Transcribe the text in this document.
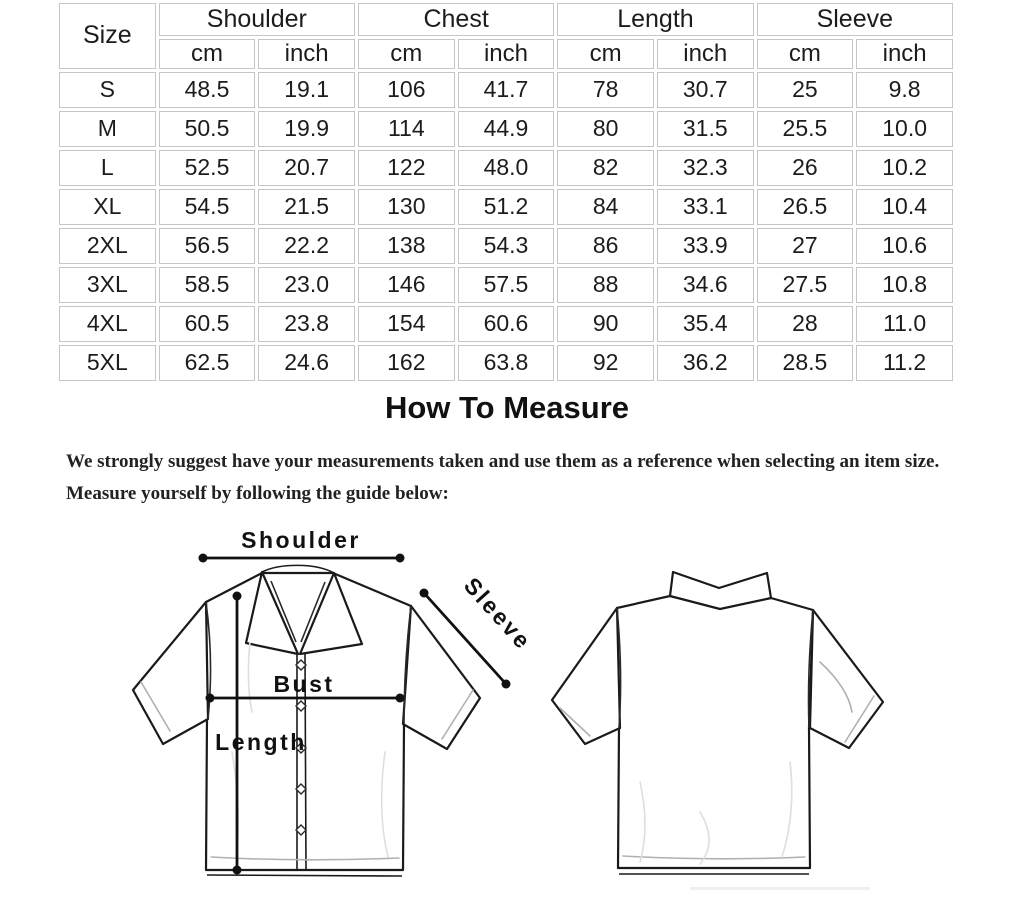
Size	Shoulder		Chest		Length		Sleeve	
	cm	inch	cm	inch	cm	inch	cm	inch
S	48.5	19.1	106	41.7	78	30.7	25	9.8
M	50.5	19.9	114	44.9	80	31.5	25.5	10.0
L	52.5	20.7	122	48.0	82	32.3	26	10.2
XL	54.5	21.5	130	51.2	84	33.1	26.5	10.4
2XL	56.5	22.2	138	54.3	86	33.9	27	10.6
3XL	58.5	23.0	146	57.5	88	34.6	27.5	10.8
4XL	60.5	23.8	154	60.6	90	35.4	28	11.0
5XL	62.5	24.6	162	63.8	92	36.2	28.5	11.2
How To Measure
We strongly suggest have your measurements taken and use them as a reference when selecting an item size.
Measure yourself by following the guide below:
Shoulder
Sleeve
Bust
Length
